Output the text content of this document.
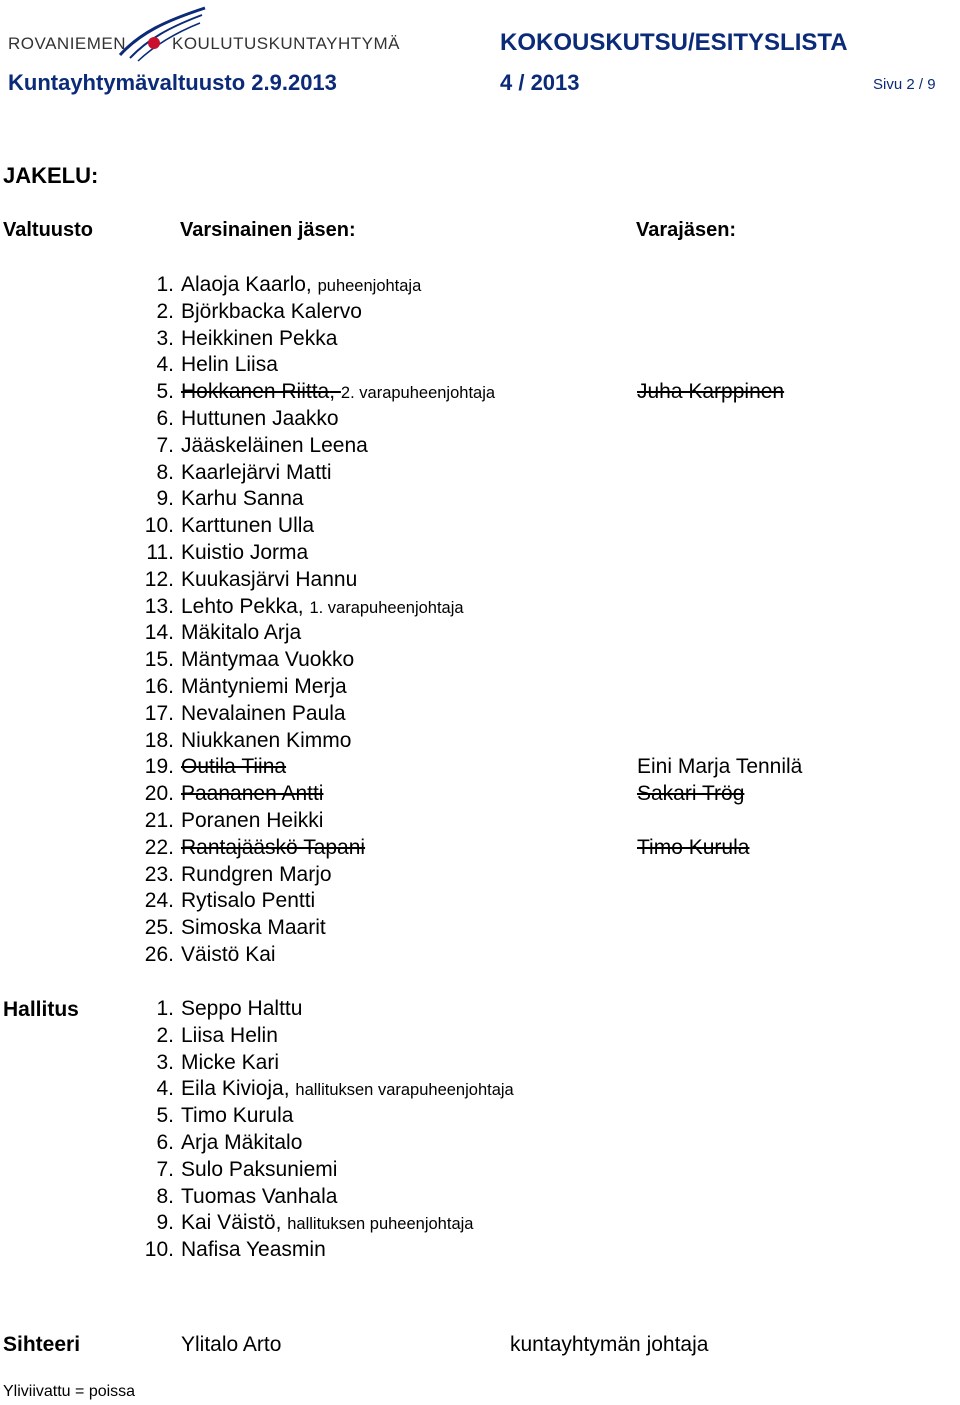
ROVANIEMEN	KOULUTUSKUNTAYHTYMÄ	KOKOUSKUTSU/ESITYSLISTA
Kuntayhtymävaltuusto 2.9.2013	4 / 2013	Sivu 2 / 9
JAKELU:
Valtuusto	Varsinainen jäsen:	Varajäsen:
1. Alaoja Kaarlo, puheenjohtaja
2. Björkbacka Kalervo
3. Heikkinen Pekka
4. Helin Liisa
5. Hokkanen Riitta, 2. varapuheenjohtaja	Juha Karppinen
6. Huttunen Jaakko
7. Jääskeläinen Leena
8. Kaarlejärvi Matti
9. Karhu Sanna
10. Karttunen Ulla
11. Kuistio Jorma
12. Kuukasjärvi Hannu
13. Lehto Pekka, 1. varapuheenjohtaja
14. Mäkitalo Arja
15. Mäntymaa Vuokko
16. Mäntyniemi Merja
17. Nevalainen Paula
18. Niukkanen Kimmo
19. Outila Tiina	Eini Marja Tennilä
20. Paananen Antti	Sakari Trög
21. Poranen Heikki
22. Rantajääskö Tapani	Timo Kurula
23. Rundgren Marjo
24. Rytisalo Pentti
25. Simoska Maarit
26. Väistö Kai
Hallitus	1. Seppo Halttu
2. Liisa Helin
3. Micke Kari
4. Eila Kivioja, hallituksen varapuheenjohtaja
5. Timo Kurula
6. Arja Mäkitalo
7. Sulo Paksuniemi
8. Tuomas Vanhala
9. Kai Väistö, hallituksen puheenjohtaja
10. Nafisa Yeasmin
Sihteeri	Ylitalo Arto	kuntayhtymän johtaja
Yliviivattu = poissa
